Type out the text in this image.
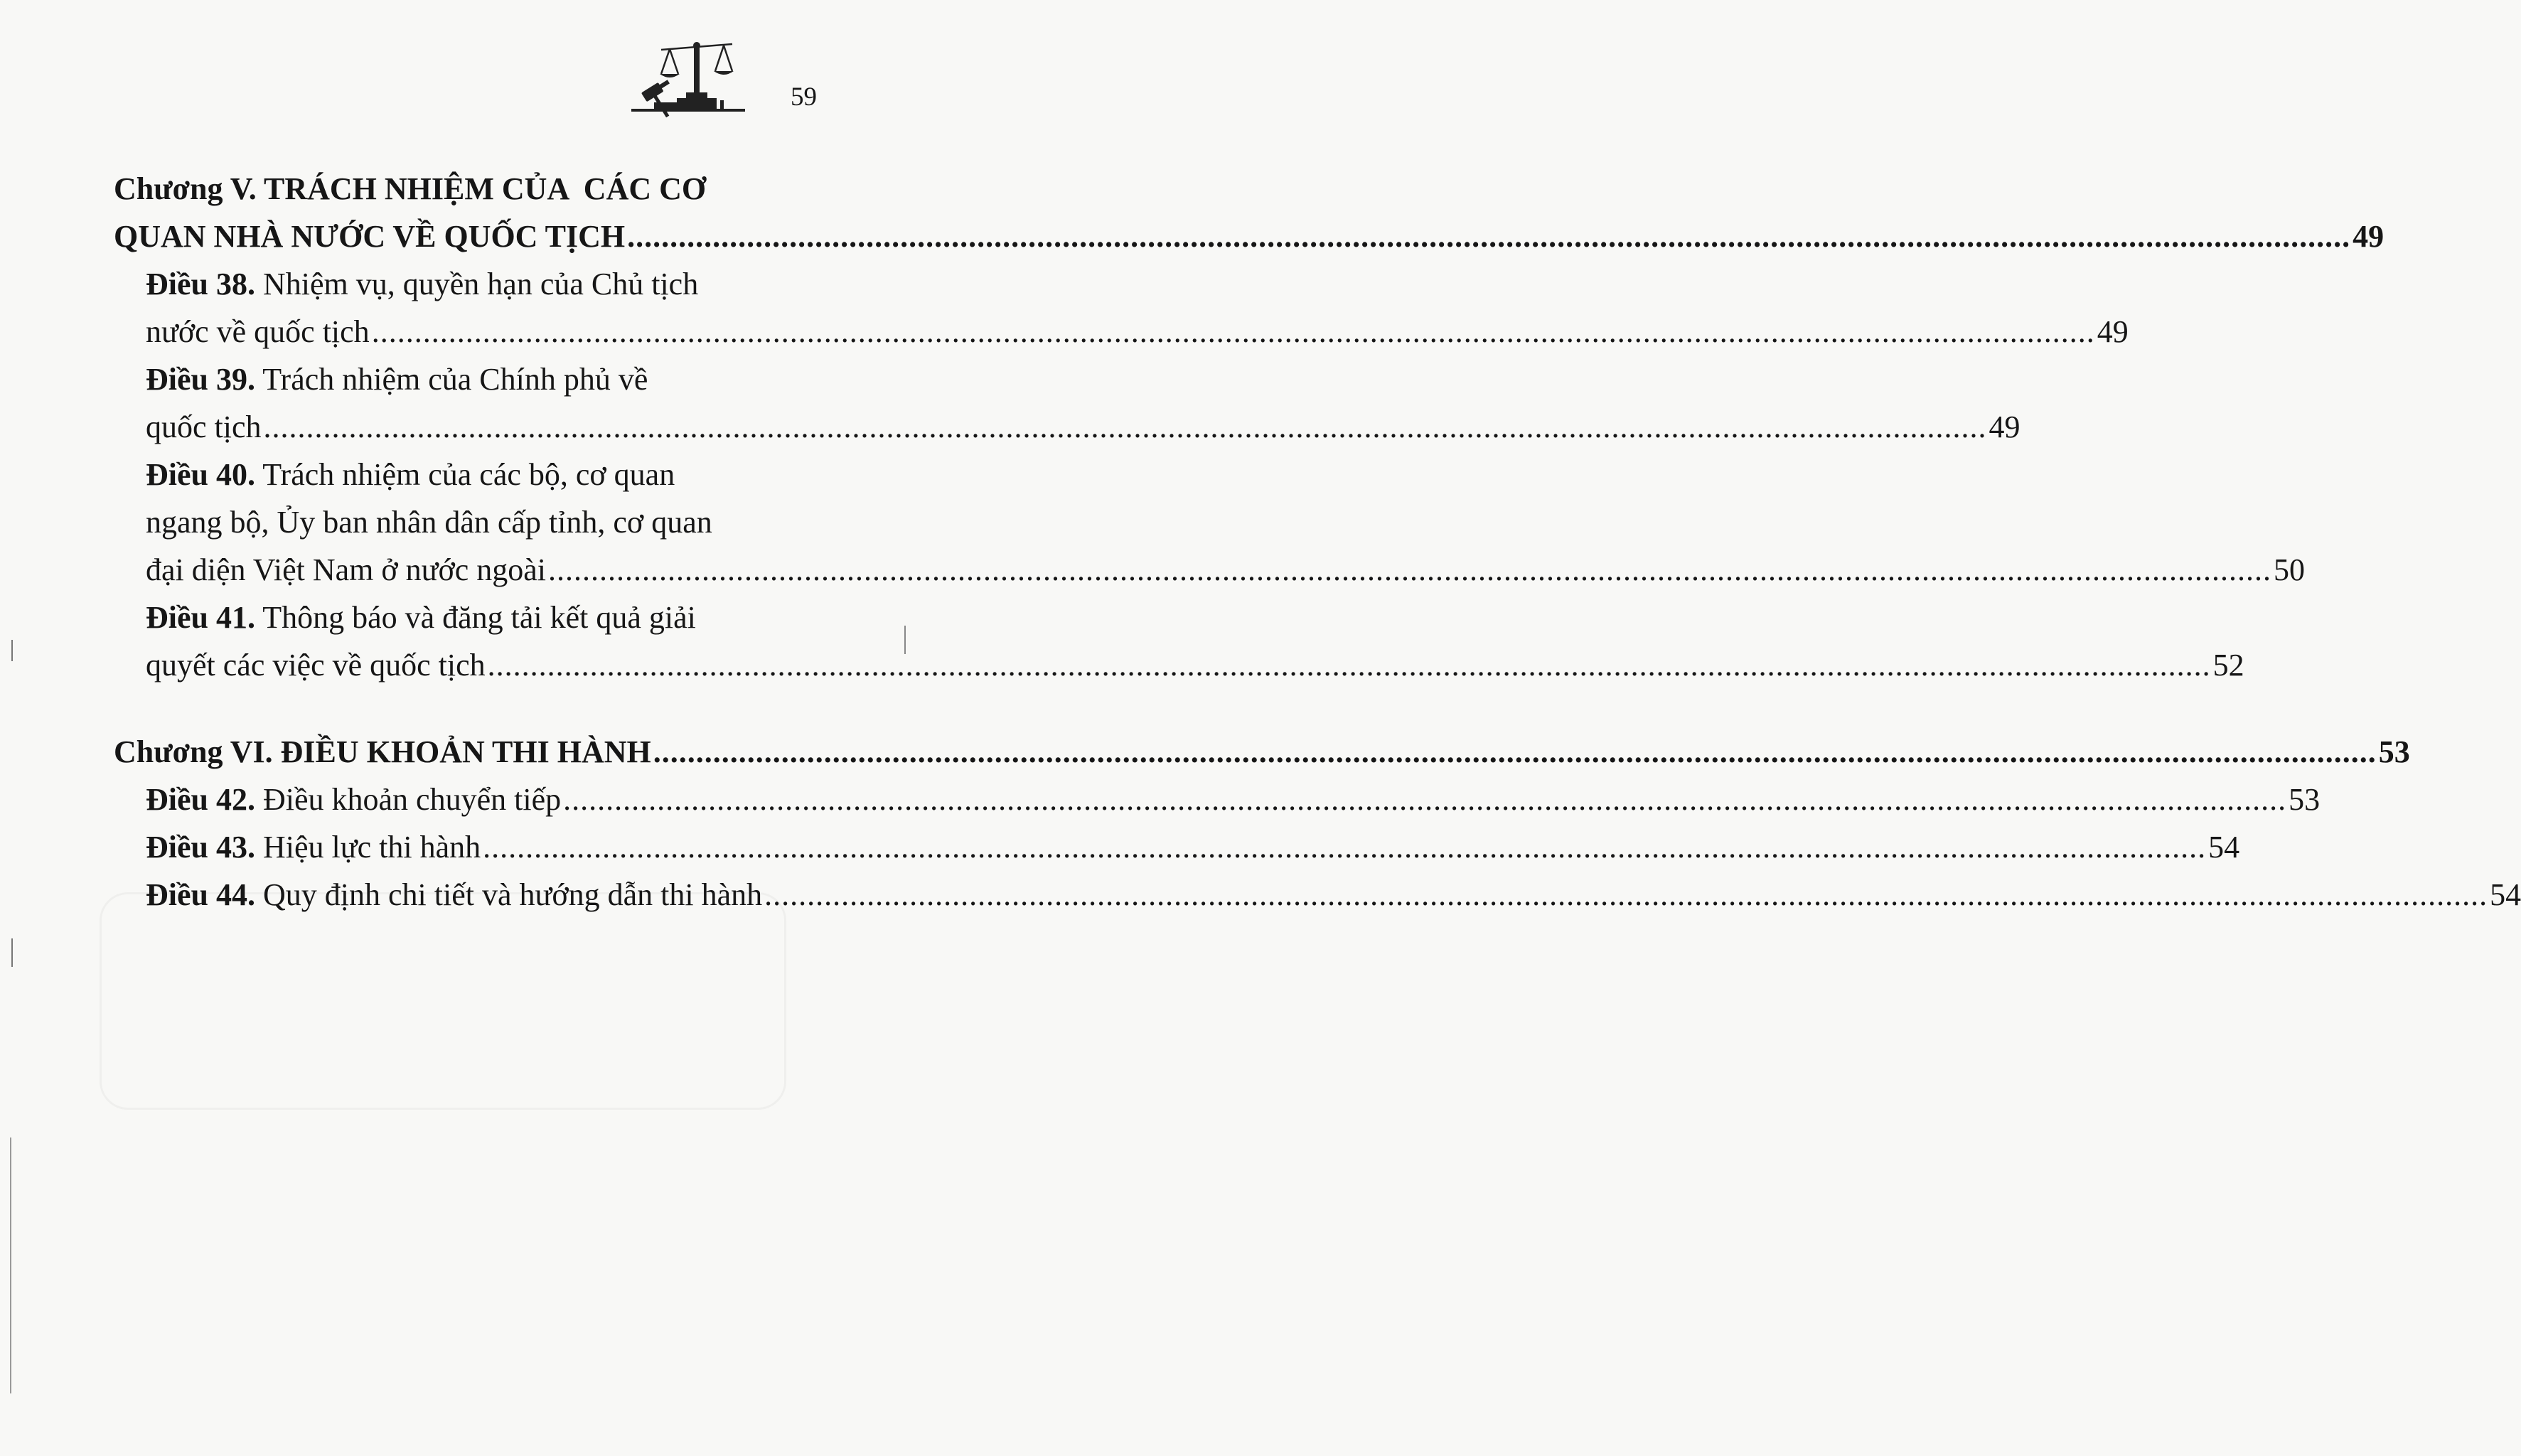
59
Chương V. TRÁCH NHIỆM CỦA  CÁC CƠ
QUAN NHÀ NƯỚC VỀ QUỐC TỊCH .....	49
Điều 38. Nhiệm vụ, quyền hạn của Chủ tịch
nước về quốc tịch .....	49
Điều 39. Trách nhiệm của Chính phủ về
quốc tịch .....	49
Điều 40. Trách nhiệm của các bộ, cơ quan
ngang bộ, Ủy ban nhân dân cấp tỉnh, cơ quan
đại diện Việt Nam ở nước ngoài .....	50
Điều 41. Thông báo và đăng tải kết quả giải
quyết các việc về quốc tịch .....	52
Chương VI. ĐIỀU KHOẢN THI HÀNH .....	53
Điều 42. Điều khoản chuyển tiếp .....	53
Điều 43. Hiệu lực thi hành .....	54
Điều 44. Quy định chi tiết và hướng dẫn thi hành .....	54
